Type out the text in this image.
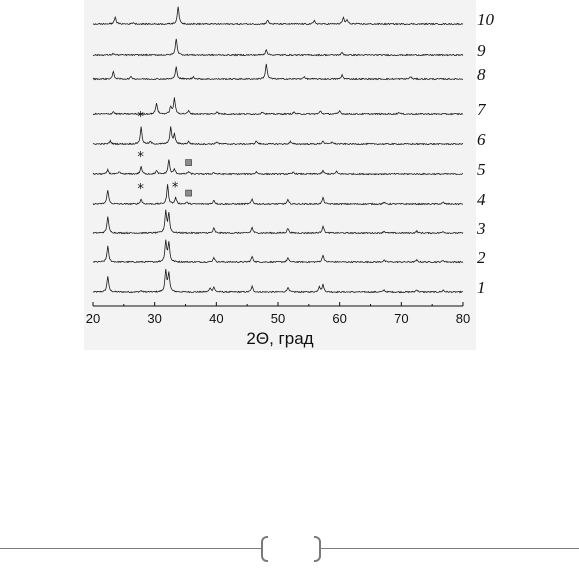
* *
*
*
1
2
3
4
5
6
7
8
9
10
20	30	40	50	60	70	80
2Θ, град
